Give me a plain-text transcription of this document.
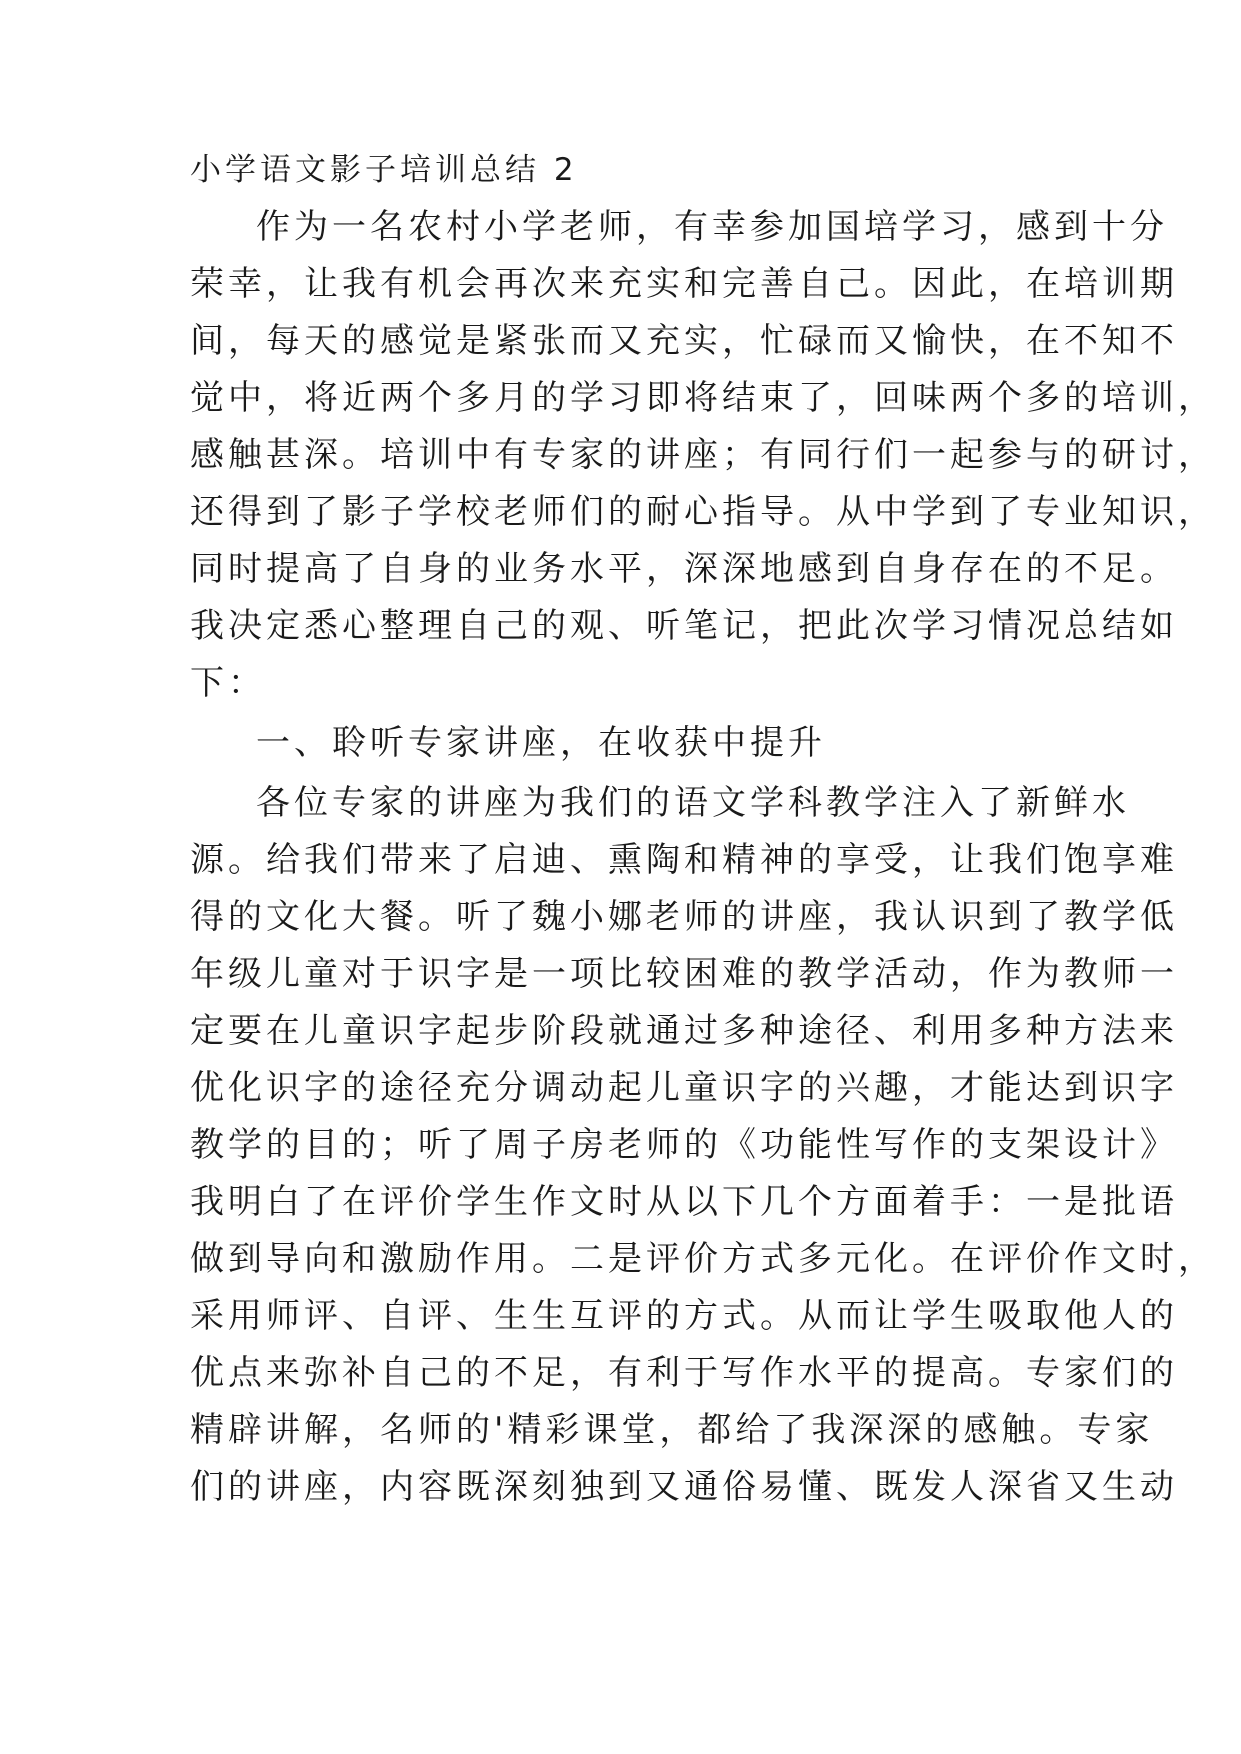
小学语文影子培训总结 2
作为一名农村小学老师，有幸参加国培学习，感到十分
荣幸，让我有机会再次来充实和完善自己。因此，在培训期
间，每天的感觉是紧张而又充实，忙碌而又愉快，在不知不
觉中，将近两个多月的学习即将结束了，回味两个多的培训，
感触甚深。培训中有专家的讲座；有同行们一起参与的研讨，
还得到了影子学校老师们的耐心指导。从中学到了专业知识，
同时提高了自身的业务水平，深深地感到自身存在的不足。
我决定悉心整理自己的观、听笔记，把此次学习情况总结如
下：
一、聆听专家讲座，在收获中提升
各位专家的讲座为我们的语文学科教学注入了新鲜水
源。给我们带来了启迪、熏陶和精神的享受，让我们饱享难
得的文化大餐。听了魏小娜老师的讲座，我认识到了教学低
年级儿童对于识字是一项比较困难的教学活动，作为教师一
定要在儿童识字起步阶段就通过多种途径、利用多种方法来
优化识字的途径充分调动起儿童识字的兴趣，才能达到识字
教学的目的；听了周子房老师的《功能性写作的支架设计》
我明白了在评价学生作文时从以下几个方面着手：一是批语
做到导向和激励作用。二是评价方式多元化。在评价作文时，
采用师评、自评、生生互评的方式。从而让学生吸取他人的
优点来弥补自己的不足，有利于写作水平的提高。专家们的
精辟讲解，名师的'精彩课堂，都给了我深深的感触。专家
们的讲座，内容既深刻独到又通俗易懂、既发人深省又生动
